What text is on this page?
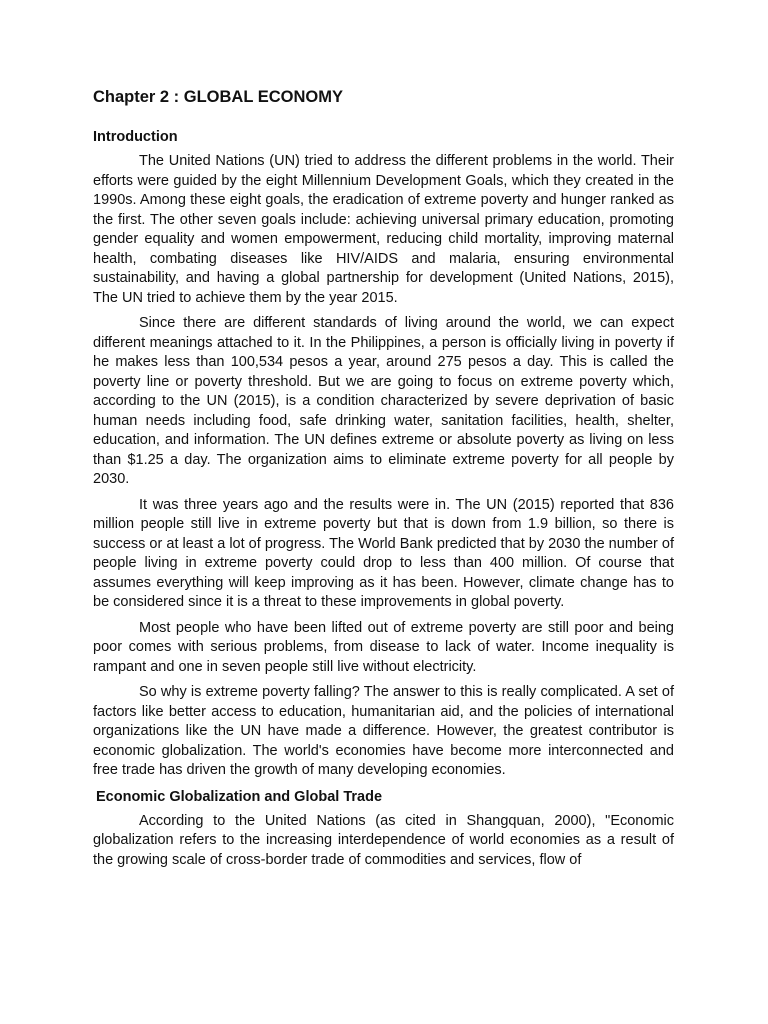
Chapter 2 : GLOBAL ECONOMY
Introduction

The United Nations (UN) tried to address the different problems in the world. Their efforts were guided by the eight Millennium Development Goals, which they created in the 1990s. Among these eight goals, the eradication of extreme poverty and hunger ranked as the first. The other seven goals include: achieving universal primary education, promoting gender equality and women empowerment, reducing child mortality, improving maternal health, combating diseases like HIV/AIDS and malaria, ensuring environmental sustainability, and having a global partnership for development (United Nations, 2015), The UN tried to achieve them by the year 2015.

Since there are different standards of living around the world, we can expect different meanings attached to it. In the Philippines, a person is officially living in poverty if he makes less than 100,534 pesos a year, around 275 pesos a day. This is called the poverty line or poverty threshold. But we are going to focus on extreme poverty which, according to the UN (2015), is a condition characterized by severe deprivation of basic human needs including food, safe drinking water, sanitation facilities, health, shelter, education, and information. The UN defines extreme or absolute poverty as living on less than $1.25 a day. The organization aims to eliminate extreme poverty for all people by 2030.

It was three years ago and the results were in. The UN (2015) reported that 836 million people still live in extreme poverty but that is down from 1.9 billion, so there is success or at least a lot of progress. The World Bank predicted that by 2030 the number of people living in extreme poverty could drop to less than 400 million. Of course that assumes everything will keep improving as it has been. However, climate change has to be considered since it is a threat to these improvements in global poverty.

Most people who have been lifted out of extreme poverty are still poor and being poor comes with serious problems, from disease to lack of water. Income inequality is rampant and one in seven people still live without electricity.

So why is extreme poverty falling? The answer to this is really complicated. A set of factors like better access to education, humanitarian aid, and the policies of international organizations like the UN have made a difference. However, the greatest contributor is economic globalization. The world's economies have become more interconnected and free trade has driven the growth of many developing economies.

Economic Globalization and Global Trade

According to the United Nations (as cited in Shangquan, 2000), "Economic globalization refers to the increasing interdependence of world economies as a result of the growing scale of cross-border trade of commodities and services, flow of
